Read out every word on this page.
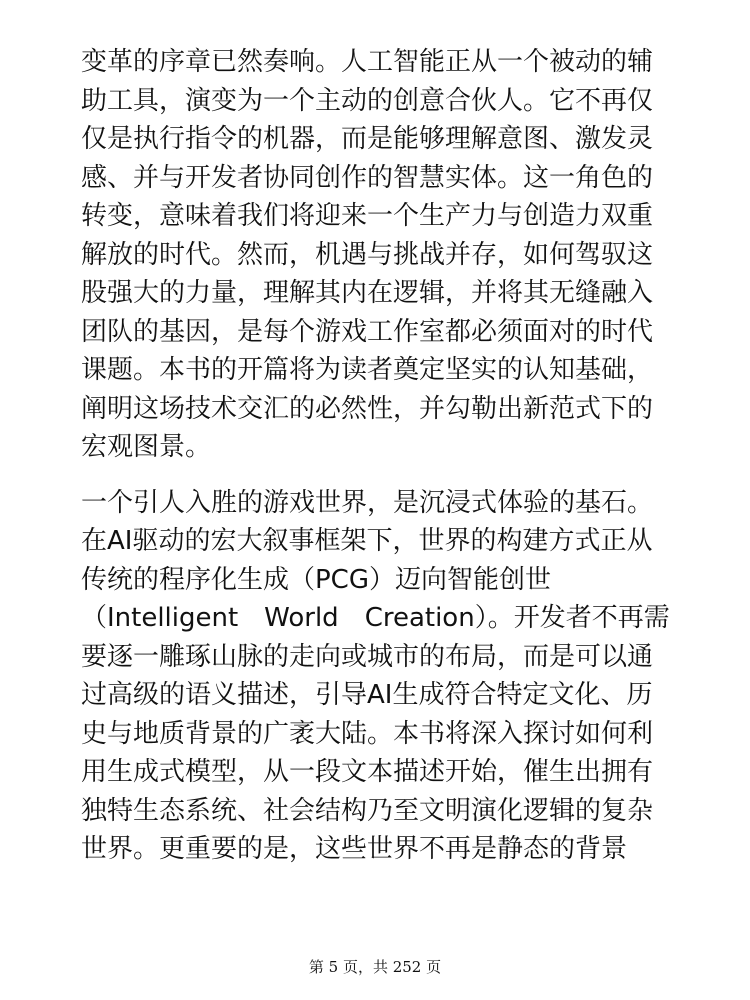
变革的序章已然奏响。人工智能正从一个被动的辅
助工具，演变为一个主动的创意合伙人。它不再仅
仅是执行指令的机器，而是能够理解意图、激发灵
感、并与开发者协同创作的智慧实体。这一角色的
转变，意味着我们将迎来一个生产力与创造力双重
解放的时代。然而，机遇与挑战并存，如何驾驭这
股强大的力量，理解其内在逻辑，并将其无缝融入
团队的基因，是每个游戏工作室都必须面对的时代
课题。本书的开篇将为读者奠定坚实的认知基础，
阐明这场技术交汇的必然性，并勾勒出新范式下的
宏观图景。

一个引人入胜的游戏世界，是沉浸式体验的基石。
在AI驱动的宏大叙事框架下，世界的构建方式正从
传统的程序化生成（PCG）迈向智能创世
（Intelligent　World　Creation）。开发者不再需
要逐一雕琢山脉的走向或城市的布局，而是可以通
过高级的语义描述，引导AI生成符合特定文化、历
史与地质背景的广袤大陆。本书将深入探讨如何利
用生成式模型，从一段文本描述开始，催生出拥有
独特生态系统、社会结构乃至文明演化逻辑的复杂
世界。更重要的是，这些世界不再是静态的背景

第 5 页，共 252 页
